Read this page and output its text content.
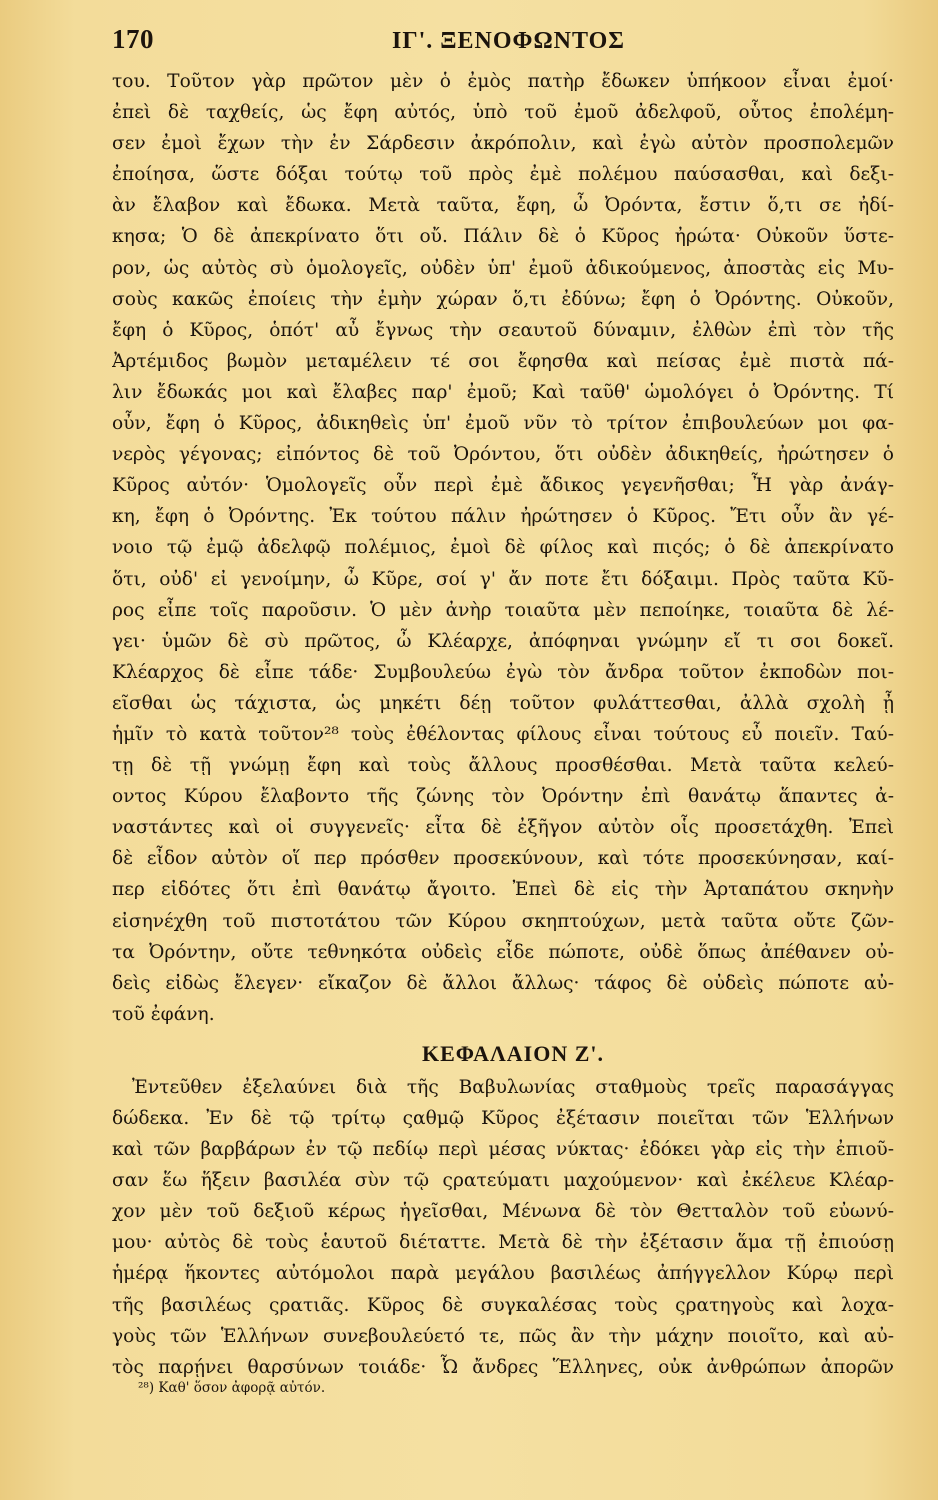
170	ΙΓ'. ΞΕΝΟΦΩΝΤΟΣ
του. Τοῦτον γὰρ πρῶτον μὲν ὁ ἐμὸς πατὴρ ἔδωκεν ὑπήκοον εἶναι ἐμοί·
ἐπεὶ δὲ ταχθείς, ὡς ἔφη αὐτός, ὑπὸ τοῦ ἐμοῦ ἀδελφοῦ, οὗτος ἐπολέμη-
σεν ἐμοὶ ἔχων τὴν ἐν Σάρδεσιν ἀκρόπολιν, καὶ ἐγὼ αὐτὸν προσπολεμῶν
ἐποίησα, ὥστε δόξαι τούτῳ τοῦ πρὸς ἐμὲ πολέμου παύσασθαι, καὶ δεξι-
ὰν ἔλαβον καὶ ἔδωκα. Μετὰ ταῦτα, ἔφη, ὦ Ὀρόντα, ἔστιν ὅ,τι σε ἠδί-
κησα; Ὁ δὲ ἀπεκρίνατο ὅτι οὔ. Πάλιν δὲ ὁ Κῦρος ἠρώτα· Οὐκοῦν ὕστε-
ρον, ὡς αὐτὸς σὺ ὁμολογεῖς, οὐδὲν ὑπ' ἐμοῦ ἀδικούμενος, ἀποστὰς εἰς Μυ-
σοὺς κακῶς ἐποίεις τὴν ἐμὴν χώραν ὅ,τι ἐδύνω; ἔφη ὁ Ὀρόντης. Οὐκοῦν,
ἔφη ὁ Κῦρος, ὁπότ' αὖ ἔγνως τὴν σεαυτοῦ δύναμιν, ἐλθὼν ἐπὶ τὸν τῆς
Ἀρτέμιδος βωμὸν μεταμέλειν τέ σοι ἔφησθα καὶ πείσας ἐμὲ πιστὰ πά-
λιν ἔδωκάς μοι καὶ ἔλαβες παρ' ἐμοῦ; Καὶ ταῦθ' ὡμολόγει ὁ Ὀρόντης. Τί
οὖν, ἔφη ὁ Κῦρος, ἀδικηθεὶς ὑπ' ἐμοῦ νῦν τὸ τρίτον ἐπιβουλεύων μοι φα-
νερὸς γέγονας; εἰπόντος δὲ τοῦ Ὀρόντου, ὅτι οὐδὲν ἀδικηθείς, ἠρώτησεν ὁ
Κῦρος αὐτόν· Ὁμολογεῖς οὖν περὶ ἐμὲ ἄδικος γεγενῆσθαι; Ἦ γὰρ ἀνάγ-
κη, ἔφη ὁ Ὀρόντης. Ἐκ τούτου πάλιν ἠρώτησεν ὁ Κῦρος. Ἔτι οὖν ἂν γέ-
νοιο τῷ ἐμῷ ἀδελφῷ πολέμιος, ἐμοὶ δὲ φίλος καὶ πιςός; ὁ δὲ ἀπεκρίνατο
ὅτι, οὐδ' εἰ γενοίμην, ὦ Κῦρε, σοί γ' ἄν ποτε ἔτι δόξαιμι. Πρὸς ταῦτα Κῦ-
ρος εἶπε τοῖς παροῦσιν. Ὁ μὲν ἀνὴρ τοιαῦτα μὲν πεποίηκε, τοιαῦτα δὲ λέ-
γει· ὑμῶν δὲ σὺ πρῶτος, ὦ Κλέαρχε, ἀπόφηναι γνώμην εἴ τι σοι δοκεῖ.
Κλέαρχος δὲ εἶπε τάδε· Συμβουλεύω ἐγὼ τὸν ἄνδρα τοῦτον ἐκποδὼν ποι-
εῖσθαι ὡς τάχιστα, ὡς μηκέτι δέῃ τοῦτον φυλάττεσθαι, ἀλλὰ σχολὴ ᾖ
ἡμῖν τὸ κατὰ τοῦτον²⁸ τοὺς ἐθέλοντας φίλους εἶναι τούτους εὖ ποιεῖν. Ταύ-
τῃ δὲ τῇ γνώμῃ ἔφη καὶ τοὺς ἄλλους προσθέσθαι. Μετὰ ταῦτα κελεύ-
οντος Κύρου ἔλαβοντο τῆς ζώνης τὸν Ὀρόντην ἐπὶ θανάτῳ ἅπαντες ἀ-
ναστάντες καὶ οἱ συγγενεῖς· εἶτα δὲ ἐξῆγον αὐτὸν οἷς προσετάχθη. Ἐπεὶ
δὲ εἶδον αὐτὸν οἵ περ πρόσθεν προσεκύνουν, καὶ τότε προσεκύνησαν, καί-
περ εἰδότες ὅτι ἐπὶ θανάτῳ ἄγοιτο. Ἐπεὶ δὲ εἰς τὴν Ἀρταπάτου σκηνὴν
εἰσηνέχθη τοῦ πιστοτάτου τῶν Κύρου σκηπτούχων, μετὰ ταῦτα οὔτε ζῶν-
τα Ὀρόντην, οὔτε τεθνηκότα οὐδεὶς εἶδε πώποτε, οὐδὲ ὅπως ἀπέθανεν οὐ-
δεὶς εἰδὼς ἔλεγεν· εἴκαζον δὲ ἄλλοι ἄλλως· τάφος δὲ οὐδεὶς πώποτε αὐ-
τοῦ ἐφάνη.
ΚΕΦΑΛΑΙΟΝ Ζ'.
Ἐντεῦθεν ἐξελαύνει διὰ τῆς Βαβυλωνίας σταθμοὺς τρεῖς παρασάγγας
δώδεκα. Ἐν δὲ τῷ τρίτῳ ςαθμῷ Κῦρος ἐξέτασιν ποιεῖται τῶν Ἑλλήνων
καὶ τῶν βαρβάρων ἐν τῷ πεδίῳ περὶ μέσας νύκτας· ἐδόκει γὰρ εἰς τὴν ἐπιοῦ-
σαν ἕω ἥξειν βασιλέα σὺν τῷ ςρατεύματι μαχούμενον· καὶ ἐκέλευε Κλέαρ-
χον μὲν τοῦ δεξιοῦ κέρως ἡγεῖσθαι, Μένωνα δὲ τὸν Θετταλὸν τοῦ εὐωνύ-
μου· αὐτὸς δὲ τοὺς ἑαυτοῦ διέταττε. Μετὰ δὲ τὴν ἐξέτασιν ἅμα τῇ ἐπιούσῃ
ἡμέρᾳ ἥκοντες αὐτόμολοι παρὰ μεγάλου βασιλέως ἀπήγγελλον Κύρῳ περὶ
τῆς βασιλέως ςρατιᾶς. Κῦρος δὲ συγκαλέσας τοὺς ςρατηγοὺς καὶ λοχα-
γοὺς τῶν Ἑλλήνων συνεβουλεύετό τε, πῶς ἂν τὴν μάχην ποιοῖτο, καὶ αὐ-
τὸς παρῄνει θαρσύνων τοιάδε· Ὦ ἄνδρες Ἕλληνες, οὐκ ἀνθρώπων ἀπορῶν
²⁸) Καθ' ὅσον ἀφορᾷ αὐτόν.
